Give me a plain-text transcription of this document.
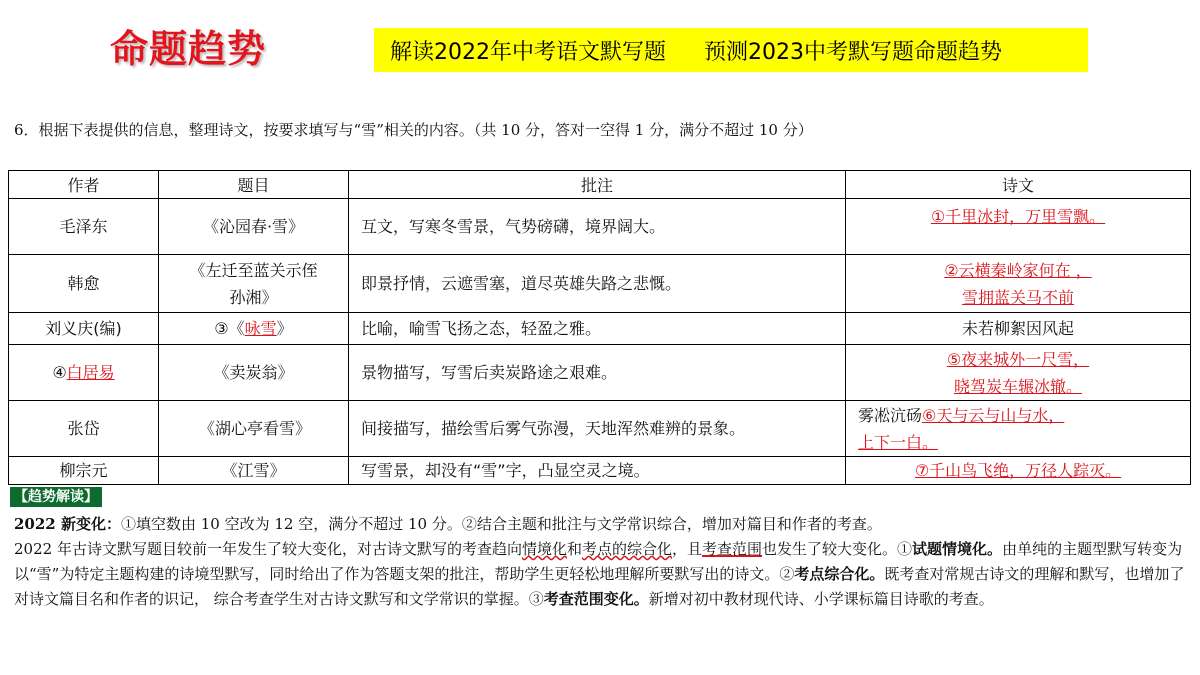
命题趋势	解读2022年中考语文默写题 预测2023中考默写题命题趋势
6．根据下表提供的信息，整理诗文，按要求填写与“雪”相关的内容。（共 10 分，答对一空得 1 分，满分不超过 10 分）
作者	题目	批注	诗文
毛泽东	《沁园春·雪》	互文，写寒冬雪景，气势磅礴，境界阔大。	①千里冰封，万里雪飘。
韩愈	《左迁至蓝关示侄孙湘》	即景抒情，云遮雪塞，道尽英雄失路之悲慨。	②云横秦岭家何在 ，
雪拥蓝关马不前

刘义庆(编)	③《咏雪》	比喻，喻雪飞扬之态，轻盈之雅。	未若柳絮因风起
④白居易	《卖炭翁》	景物描写，写雪后卖炭路途之艰难。	⑤夜来城外一尺雪，
晓驾炭车辗冰辙。

张岱	《湖心亭看雪》	间接描写，描绘雪后雾气弥漫，天地浑然难辨的景象。	雾凇沆砀⑥天与云与山与水，
上下一白。

柳宗元	《江雪》	写雪景，却没有“雪”字，凸显空灵之境。	⑦千山鸟飞绝，万径人踪灭。
【趋势解读】
2022 新变化：①填空数由 10 空改为 12 空，满分不超过 10 分。②结合主题和批注与文学常识综合，增加对篇目和作者的考查。
2022 年古诗文默写题目较前一年发生了较大变化，对古诗文默写的考查趋向情境化和考点的综合化，且考查范围也发生了较大变化。①试题情境化。由单纯的主题型默写转变为以“雪”为特定主题构建的诗境型默写，同时给出了作为答题支架的批注，帮助学生更轻松地理解所要默写出的诗文。②考点综合化。既考查对常规古诗文的理解和默写，也增加了对诗文篇目名和作者的识记， 综合考查学生对古诗文默写和文学常识的掌握。③考查范围变化。新增对初中教材现代诗、小学课标篇目诗歌的考查。
